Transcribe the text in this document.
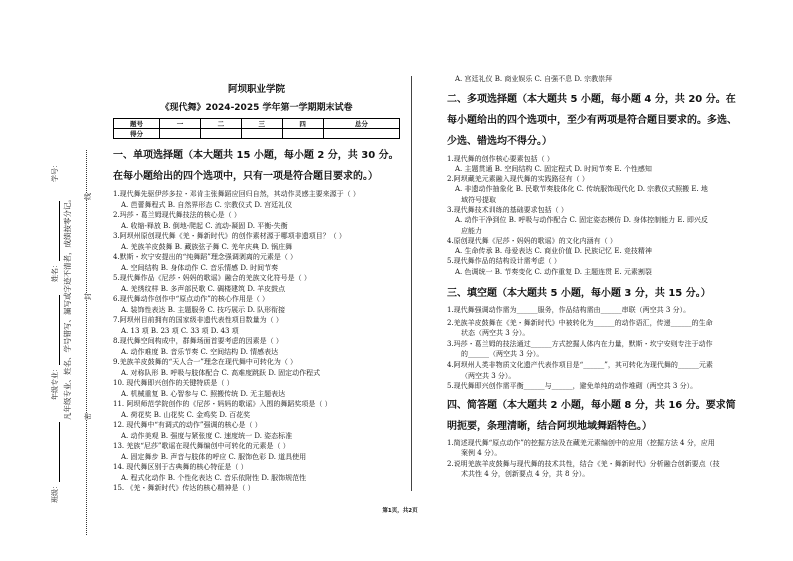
班级：
年级专业：
姓名：
学号：
凡年级专业、姓名、学号错写、漏写或字迹不清者，成绩按零分记。 密
封
线
阿坝职业学院
《现代舞》2024-2025 学年第一学期期末试卷
题号	一	二	三	四	总分
得分					
一、单项选择题（本大题共 15 小题，每小题 2 分，共 30 分。在每小题给出的四个选项中，只有一项是符合题目要求的。）
1.现代舞先驱伊莎多拉・邓肯主张舞蹈应回归自然，其动作灵感主要来源于（ ）
A. 芭蕾舞程式 B. 自然界形态 C. 宗教仪式 D. 宫廷礼仪
2.玛莎・葛兰姆现代舞技法的核心是（ ）
A. 收缩-释放 B. 倒地-爬起 C. 流动-凝固 D. 平衡-失衡
3.阿坝州原创现代舞《羌・舞新时代》的创作素材源于哪项非遗项目？（ ）
A. 羌族羊皮鼓舞 B. 藏族弦子舞 C. 羌年庆典 D. 锅庄舞
4.默斯・坎宁安提出的“纯舞蹈”理念强调剥离的元素是（ ）
A. 空间结构 B. 身体动作 C. 音乐情感 D. 时间节奏
5.现代舞作品《尼莎・妈妈的歌谣》融合的羌族文化符号是（ ）
A. 羌绣纹样 B. 多声部民歌 C. 碉楼建筑 D. 羊皮鼓点
6.现代舞动作创作中“原点动作”的核心作用是（ ）
A. 装饰性表达 B. 主题服务 C. 技巧展示 D. 队形衔接
7.阿坝州目前拥有的国家级非遗代表性项目数量为（ ）
A. 13 项 B. 23 项 C. 33 项 D. 43 项
8.现代舞空间构成中，群舞场面首要考虑的因素是（ ）
A. 动作难度 B. 音乐节奏 C. 空间结构 D. 情感表达
9.羌族羊皮鼓舞的“天人合一”理念在现代舞中可转化为（ ）
A. 对称队形 B. 呼吸与肢体配合 C. 高难度跳跃 D. 固定动作程式
10. 现代舞即兴创作的关键特质是（ ）
A. 机械重复 B. 心智参与 C. 照搬传统 D. 无主题表达
11. 阿坝师范学院创作的《尼莎・妈妈的歌谣》入围的舞蹈奖项是（ ）
A. 荷花奖 B. 山花奖 C. 金鸡奖 D. 百花奖
12. 现代舞中“有调式的动作”强调的核心是（ ）
A. 动作美观 B. 强度与紧张度 C. 速度统一 D. 姿态标准
13. 羌族“尼莎”歌谣在现代舞编创中可转化的元素是（ ）
A. 固定舞步 B. 声音与肢体的呼应 C. 服饰色彩 D. 道具使用
14. 现代舞区别于古典舞的核心特征是（ ）
A. 程式化动作 B. 个性化表达 C. 音乐依附性 D. 服饰规范性
15. 《羌・舞新时代》传达的核心精神是（ ）
A. 宫廷礼仪 B. 商业娱乐 C. 自强不息 D. 宗教崇拜
二、多项选择题（本大题共 5 小题，每小题 4 分，共 20 分。在每小题给出的四个选项中，至少有两项是符合题目要求的。多选、少选、错选均不得分。）
1.现代舞的创作核心要素包括（ ）
A. 主题贯通 B. 空间结构 C. 固定程式 D. 时间节奏 E. 个性感知
2.阿坝藏羌元素融入现代舞的实践路径有（ ）
A. 非遗动作抽象化 B. 民歌节奏肢体化 C. 传统服饰现代化 D. 宗教仪式照搬 E. 地
域符号提取
3.现代舞技术训练的基础要求包括（ ）
A. 动作干净到位 B. 呼吸与动作配合 C. 固定姿态模仿 D. 身体控制能力 E. 即兴反
应能力
4.原创现代舞《尼莎・妈妈的歌谣》的文化内涵有（ ）
A. 生命传承 B. 母爱表达 C. 商业价值 D. 民族记忆 E. 竞技精神
5.现代舞作品的结构设计需考虑（ ）
A. 色调统一 B. 节奏变化 C. 动作重复 D. 主题连贯 E. 元素割裂
三、填空题（本大题共 5 小题，每小题 3 分，共 15 分。）
1.现代舞强调动作需为______服务，作品结构需由______串联（两空共 3 分）。
2.羌族羊皮鼓舞在《羌・舞新时代》中被转化为______的动作语汇，传递______的生命
状态（两空共 3 分）。
3.玛莎・葛兰姆的技法通过______方式挖掘人体内在力量，默斯・坎宁安则专注于动作
的______（两空共 3 分）。
4.阿坝州人类非物质文化遗产代表作项目是“______”，其可转化为现代舞的______元素
（两空共 3 分）。
5.现代舞即兴创作需平衡______与______，避免单纯的动作堆砌（两空共 3 分）。
四、简答题（本大题共 2 小题，每小题 8 分，共 16 分。要求简明扼要，条理清晰，结合阿坝地域舞蹈特色。）
1.简述现代舞“原点动作”的挖掘方法及在藏羌元素编创中的应用（挖掘方法 4 分，应用
案例 4 分）。
2.说明羌族羊皮鼓舞与现代舞的技术共性，结合《羌・舞新时代》分析融合创新要点（技
术共性 4 分，创新要点 4 分，共 8 分）。
第1页，共2页
